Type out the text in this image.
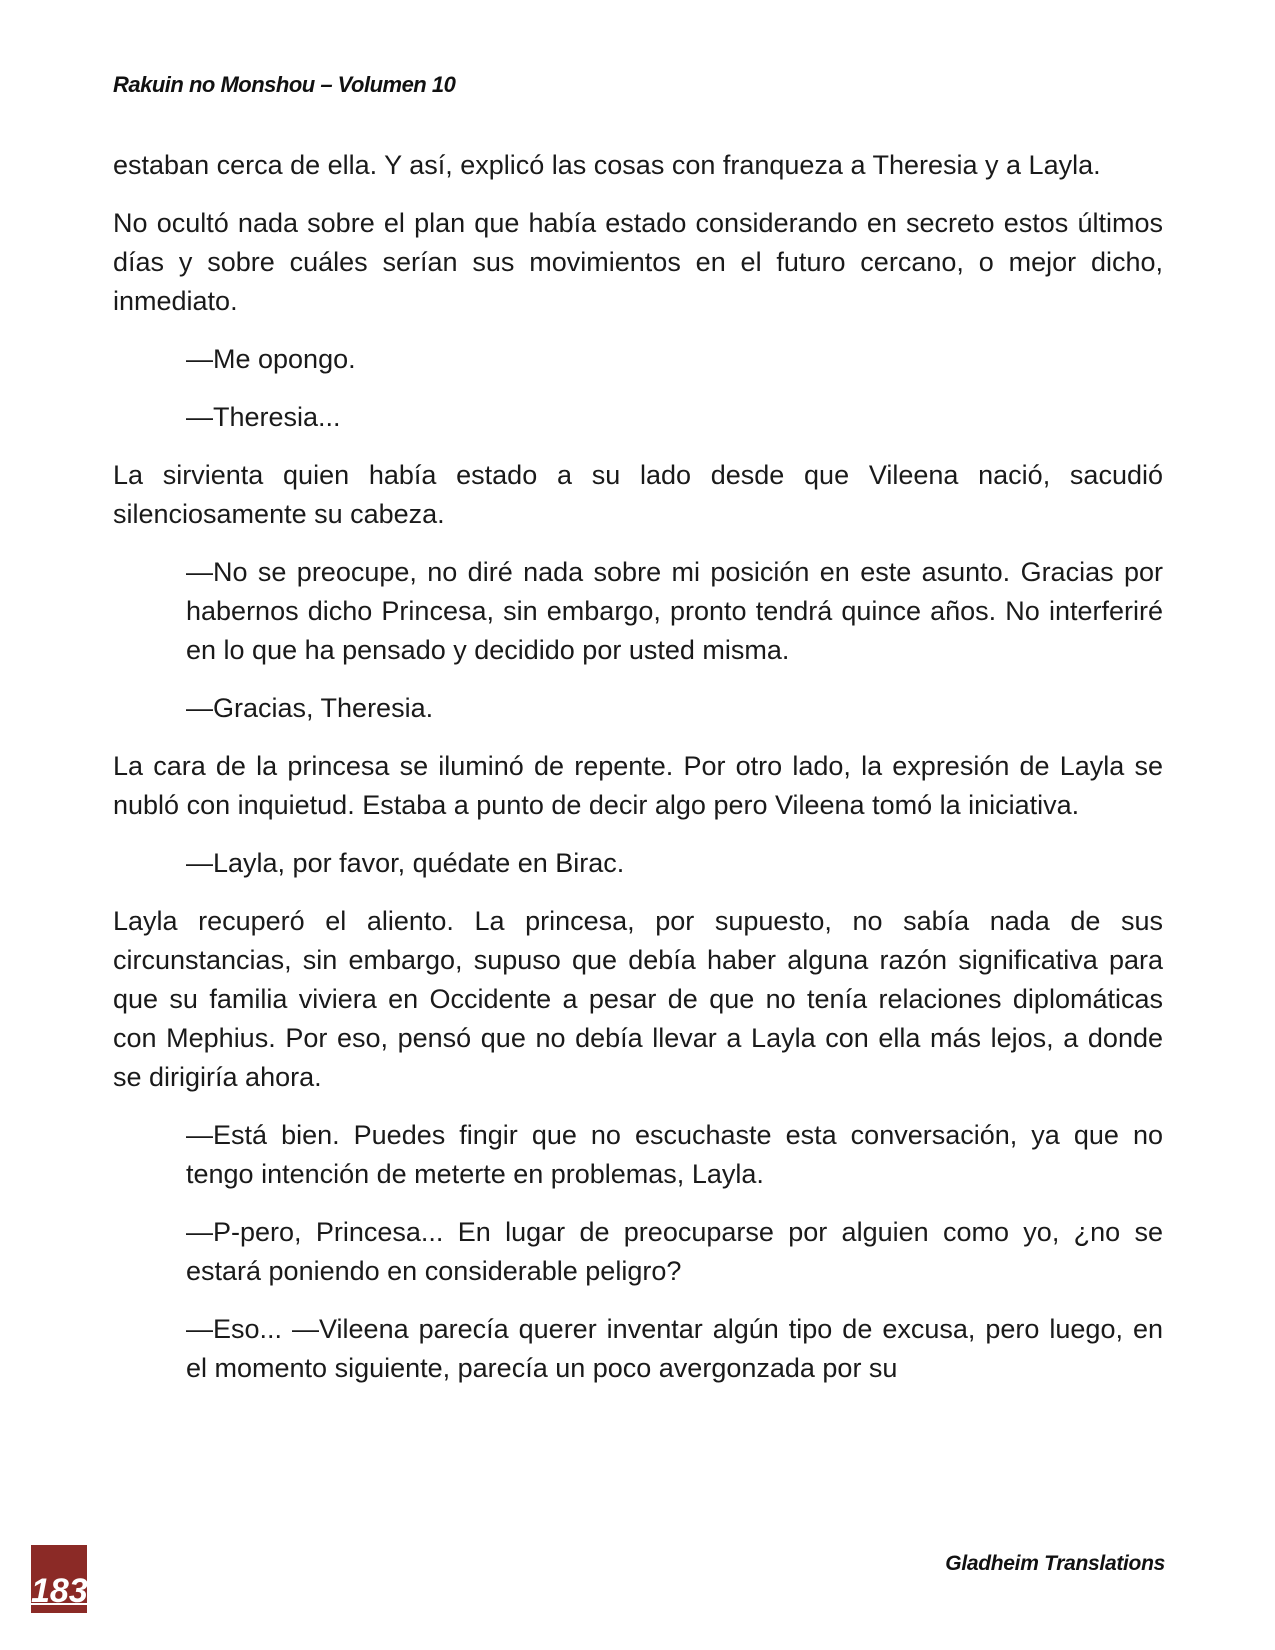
Rakuin no Monshou – Volumen 10

estaban cerca de ella. Y así, explicó las cosas con franqueza a Theresia y a Layla.

No ocultó nada sobre el plan que había estado considerando en secreto estos últimos días y sobre cuáles serían sus movimientos en el futuro cercano, o mejor dicho, inmediato.

—Me opongo.

—Theresia...

La sirvienta quien había estado a su lado desde que Vileena nació, sacudió silenciosamente su cabeza.

—No se preocupe, no diré nada sobre mi posición en este asunto. Gracias por habernos dicho Princesa, sin embargo, pronto tendrá quince años. No interferiré en lo que ha pensado y decidido por usted misma.

—Gracias, Theresia.

La cara de la princesa se iluminó de repente. Por otro lado, la expresión de Layla se nubló con inquietud. Estaba a punto de decir algo pero Vileena tomó la iniciativa.

—Layla, por favor, quédate en Birac.

Layla recuperó el aliento. La princesa, por supuesto, no sabía nada de sus circunstancias, sin embargo, supuso que debía haber alguna razón significativa para que su familia viviera en Occidente a pesar de que no tenía relaciones diplomáticas con Mephius. Por eso, pensó que no debía llevar a Layla con ella más lejos, a donde se dirigiría ahora.

—Está bien. Puedes fingir que no escuchaste esta conversación, ya que no tengo intención de meterte en problemas, Layla.

—P-pero, Princesa... En lugar de preocuparse por alguien como yo, ¿no se estará poniendo en considerable peligro?

—Eso... —Vileena parecía querer inventar algún tipo de excusa, pero luego, en el momento siguiente, parecía un poco avergonzada por su

183
Gladheim Translations
